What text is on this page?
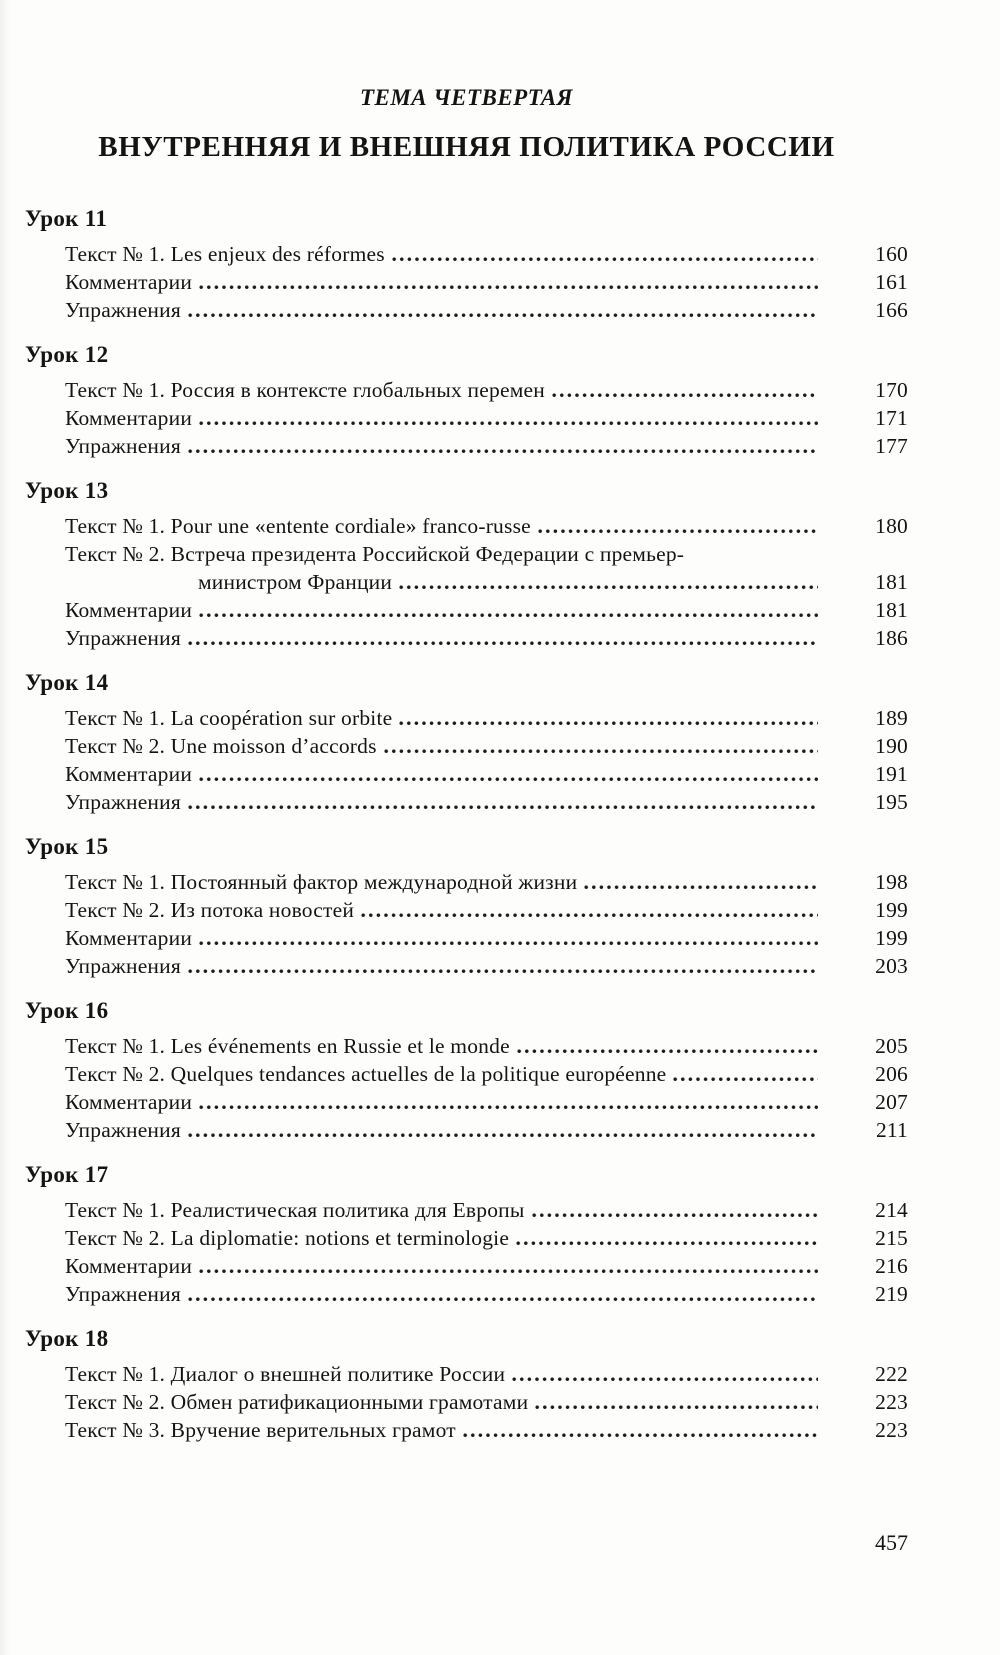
ТЕМА ЧЕТВЕРТАЯ
ВНУТРЕННЯЯ И ВНЕШНЯЯ ПОЛИТИКА РОССИИ
Урок 11
Текст № 1. Les enjeux des réformes	160
Комментарии	161
Упражнения	166
Урок 12
Текст № 1. Россия в контексте глобальных перемен	170
Комментарии	171
Упражнения	177
Урок 13
Текст № 1. Pour une «entente cordiale» franco-russe	180
Текст № 2. Встреча президента Российской Федерации с премьер-
министром Франции	181
Комментарии	181
Упражнения	186
Урок 14
Текст № 1. La coopération sur orbite	189
Текст № 2. Une moisson d’accords	190
Комментарии	191
Упражнения	195
Урок 15
Текст № 1. Постоянный фактор международной жизни	198
Текст № 2. Из потока новостей	199
Комментарии	199
Упражнения	203
Урок 16
Текст № 1. Les événements en Russie et le monde	205
Текст № 2. Quelques tendances actuelles de la politique européenne	206
Комментарии	207
Упражнения	211
Урок 17
Текст № 1. Реалистическая политика для Европы	214
Текст № 2. La diplomatie: notions et terminologie	215
Комментарии	216
Упражнения	219
Урок 18
Текст № 1. Диалог о внешней политике России	222
Текст № 2. Обмен ратификационными грамотами	223
Текст № 3. Вручение верительных грамот	223
457
